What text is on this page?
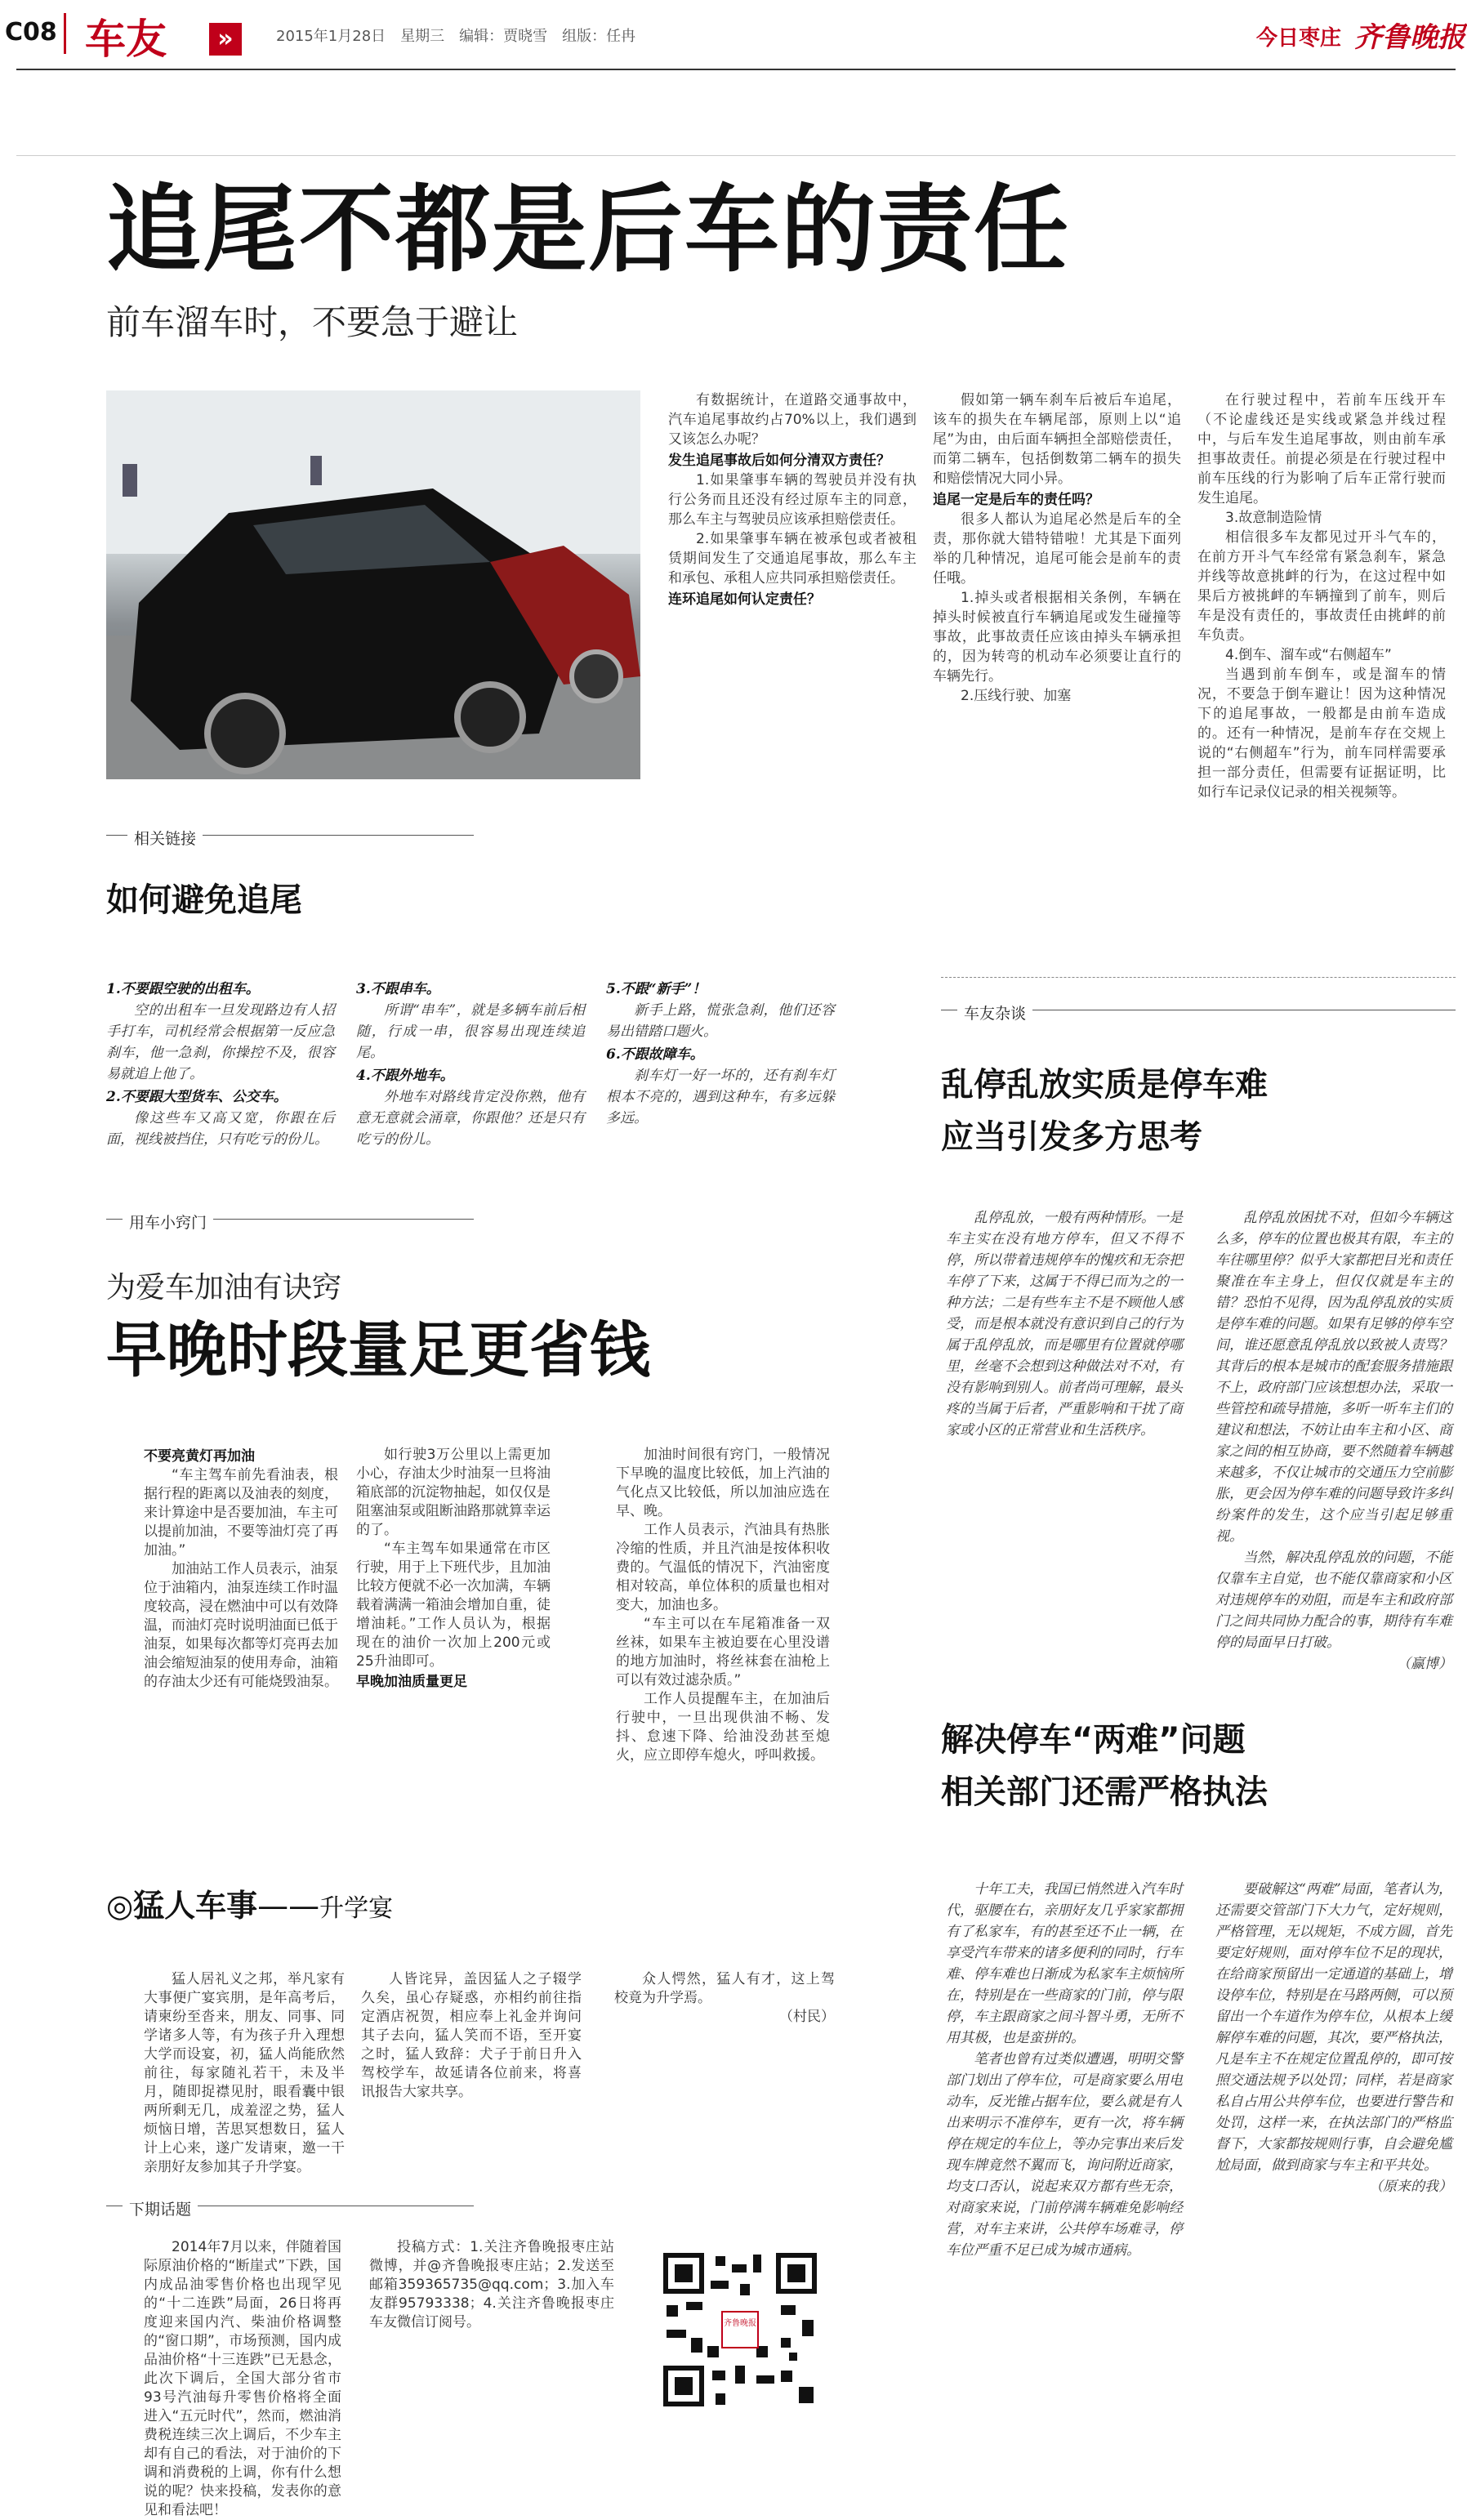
C08 车友	»	2015年1月28日　星期三　编辑：贾晓雪　组版：任冉	今日枣庄 齐鲁晚报
追尾不都是后车的责任
前车溜车时，不要急于避让

有数据统计，在道路交通事故中，汽车追尾事故约占70%以上，我们遇到又该怎么办呢？

发生追尾事故后如何分清双方责任？

1.如果肇事车辆的驾驶员并没有执行公务而且还没有经过原车主的同意，那么车主与驾驶员应该承担赔偿责任。

2.如果肇事车辆在被承包或者被租赁期间发生了交通追尾事故，那么车主和承包、承租人应共同承担赔偿责任。

连环追尾如何认定责任？

假如第一辆车刹车后被后车追尾，该车的损失在车辆尾部，原则上以“追尾”为由，由后面车辆担全部赔偿责任，而第二辆车，包括倒数第二辆车的损失和赔偿情况大同小异。

追尾一定是后车的责任吗？

很多人都认为追尾必然是后车的全责，那你就大错特错啦！尤其是下面列举的几种情况，追尾可能会是前车的责任哦。

1.掉头或者根据相关条例，车辆在掉头时候被直行车辆追尾或发生碰撞等事故，此事故责任应该由掉头车辆承担的，因为转弯的机动车必须要让直行的车辆先行。

2.压线行驶、加塞

在行驶过程中，若前车压线开车（不论虚线还是实线或紧急并线过程中，与后车发生追尾事故，则由前车承担事故责任。前提必须是在行驶过程中前车压线的行为影响了后车正常行驶而发生追尾。

3.故意制造险情

相信很多车友都见过开斗气车的，在前方开斗气车经常有紧急刹车，紧急并线等故意挑衅的行为，在这过程中如果后方被挑衅的车辆撞到了前车，则后车是没有责任的，事故责任由挑衅的前车负责。

4.倒车、溜车或“右侧超车”

当遇到前车倒车，或是溜车的情况，不要急于倒车避让！因为这种情况下的追尾事故，一般都是由前车造成的。还有一种情况，是前车存在交规上说的“右侧超车”行为，前车同样需要承担一部分责任，但需要有证据证明，比如行车记录仪记录的相关视频等。

相关链接
如何避免追尾

1.不要跟空驶的出租车。

空的出租车一旦发现路边有人招手打车，司机经常会根据第一反应急刹车，他一急刹，你操控不及，很容易就追上他了。

2.不要跟大型货车、公交车。

像这些车又高又宽，你跟在后面，视线被挡住，只有吃亏的份儿。

3.不跟串车。

所谓“串车”，就是多辆车前后相随，行成一串，很容易出现连续追尾。

4.不跟外地车。

外地车对路线肯定没你熟，他有意无意就会涌章，你跟他？还是只有吃亏的份儿。

5.不跟“新手”！

新手上路，慌张急刹，他们还容易出错踏口题火。

6.不跟故障车。

刹车灯一好一坏的，还有刹车灯根本不亮的，遇到这种车，有多远躲多远。

用车小窍门
为爱车加油有诀窍
早晚时段量足更省钱

不要亮黄灯再加油

“车主驾车前先看油表，根据行程的距离以及油表的刻度，来计算途中是否要加油，车主可以提前加油，不要等油灯亮了再加油。”

加油站工作人员表示，油泵位于油箱内，油泵连续工作时温度较高，浸在燃油中可以有效降温，而油灯亮时说明油面已低于油泵，如果每次都等灯亮再去加油会缩短油泵的使用寿命，油箱的存油太少还有可能烧毁油泵。

如行驶3万公里以上需更加小心，存油太少时油泵一旦将油箱底部的沉淀物抽起，如仅仅是阻塞油泵或阻断油路那就算幸运的了。

“车主驾车如果通常在市区行驶，用于上下班代步，且加油比较方便就不必一次加满，车辆载着满满一箱油会增加自重，徒增油耗。”工作人员认为，根据现在的油价一次加上200元或25升油即可。

早晚加油质量更足

加油时间很有窍门，一般情况下早晚的温度比较低，加上汽油的气化点又比较低，所以加油应选在早、晚。

工作人员表示，汽油具有热胀冷缩的性质，并且汽油是按体积收费的。气温低的情况下，汽油密度相对较高，单位体积的质量也相对变大，加油也多。

“车主可以在车尾箱准备一双丝袜，如果车主被迫要在心里没谱的地方加油时，将丝袜套在油枪上可以有效过滤杂质。”

工作人员提醒车主，在加油后行驶中，一旦出现供油不畅、发抖、怠速下降、给油没劲甚至熄火，应立即停车熄火，呼叫救援。

◎猛人车事——升学宴

猛人居礼义之邦，举凡家有大事便广宴宾朋，是年高考后，请柬纷至沓来，朋友、同事、同学诸多人等，有为孩子升入理想大学而设宴，初，猛人尚能欣然前往，每家随礼若干，未及半月，随即捉襟见肘，眼看囊中银两所剩无几，成羞涩之势，猛人烦恼日增，苦思冥想数日，猛人计上心来，遂广发请柬，邀一干亲朋好友参加其子升学宴。

人皆诧异，盖因猛人之子辍学久矣，虽心存疑惑，亦相约前往指定酒店祝贺，相应奉上礼金并询问其子去向，猛人笑而不语，至开宴之时，猛人致辞：犬子于前日升入驾校学车，故延请各位前来，将喜讯报告大家共享。

众人愕然，猛人有才，这上驾校竟为升学焉。

（村民）

下期话题

2014年7月以来，伴随着国际原油价格的“断崖式”下跌，国内成品油零售价格也出现罕见的“十二连跌”局面，26日将再度迎来国内汽、柴油价格调整的“窗口期”，市场预测，国内成品油价格“十三连跌”已无悬念，此次下调后，全国大部分省市93号汽油每升零售价格将全面进入“五元时代”，然而，燃油消费税连续三次上调后，不少车主却有自己的看法，对于油价的下调和消费税的上调，你有什么想说的呢？快来投稿，发表你的意见和看法吧！

投稿方式：1.关注齐鲁晚报枣庄站微博，并@齐鲁晚报枣庄站；2.发送至邮箱359365735@qq.com；3.加入车友群95793338；4.关注齐鲁晚报枣庄车友微信订阅号。	齐鲁晚报
车友杂谈
乱停乱放实质是停车难
应当引发多方思考

乱停乱放，一般有两种情形。一是车主实在没有地方停车，但又不得不停，所以带着违规停车的愧疚和无奈把车停了下来，这属于不得已而为之的一种方法；二是有些车主不是不顾他人感受，而是根本就没有意识到自己的行为属于乱停乱放，而是哪里有位置就停哪里，丝毫不会想到这种做法对不对，有没有影响到别人。前者尚可理解，最头疼的当属于后者，严重影响和干扰了商家或小区的正常营业和生活秩序。

乱停乱放困扰不对，但如今车辆这么多，停车的位置也极其有限，车主的车往哪里停？似乎大家都把目光和责任聚准在车主身上，但仅仅就是车主的错？恐怕不见得，因为乱停乱放的实质是停车难的问题。如果有足够的停车空间，谁还愿意乱停乱放以致被人责骂？其背后的根本是城市的配套服务措施跟不上，政府部门应该想想办法，采取一些管控和疏导措施，多听一听车主们的建议和想法，不妨让由车主和小区、商家之间的相互协商，要不然随着车辆越来越多，不仅让城市的交通压力空前膨胀，更会因为停车难的问题导致许多纠纷案件的发生，这个应当引起足够重视。

当然，解决乱停乱放的问题，不能仅靠车主自觉，也不能仅靠商家和小区对违规停车的劝阻，而是车主和政府部门之间共同协力配合的事，期待有车难停的局面早日打破。

（赢博）

解决停车“两难”问题
相关部门还需严格执法

十年工夫，我国已悄然进入汽车时代，驱腰在右，亲朋好友几乎家家都拥有了私家车，有的甚至还不止一辆，在享受汽车带来的诸多便利的同时，行车难、停车难也日渐成为私家车主烦恼所在，特别是在一些商家的门前，停与限停，车主跟商家之间斗智斗勇，无所不用其极，也是蛮拼的。

笔者也曾有过类似遭遇，明明交警部门划出了停车位，可是商家要么用电动车，反光锥占据车位，要么就是有人出来明示不准停车，更有一次，将车辆停在规定的车位上，等办完事出来后发现车牌竟然不翼而飞，询问附近商家，均支口否认，说起来双方都有些无奈，对商家来说，门前停满车辆难免影响经营，对车主来讲，公共停车场难寻，停车位严重不足已成为城市通病。

要破解这“两难”局面，笔者认为，还需要交管部门下大力气，定好规则，严格管理，无以规矩，不成方圆，首先要定好规则，面对停车位不足的现状，在给商家预留出一定通道的基础上，增设停车位，特别是在马路两侧，可以预留出一个车道作为停车位，从根本上缓解停车难的问题，其次，要严格执法，凡是车主不在规定位置乱停的，即可按照交通法规予以处罚；同样，若是商家私自占用公共停车位，也要进行警告和处罚，这样一来，在执法部门的严格监督下，大家都按规则行事，自会避免尴尬局面，做到商家与车主和平共处。

（原来的我）
